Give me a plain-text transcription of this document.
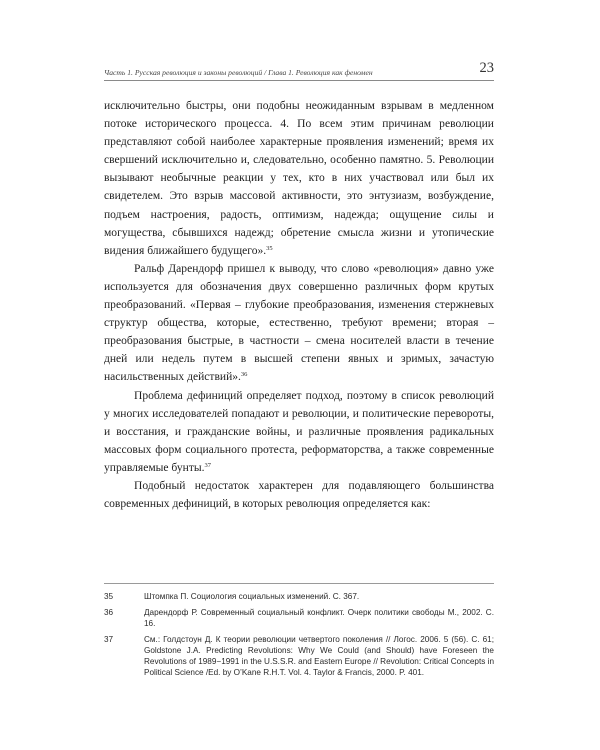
Часть 1. Русская революция и законы революций / Глава 1. Революция как феномен	23

исключительно быстры, они подобны неожиданным взрывам в медленном потоке исторического процесса. 4. По всем этим причинам революции представляют собой наиболее характерные проявления изменений; время их свершений исключительно и, следовательно, особенно памятно. 5. Революции вызывают необычные реакции у тех, кто в них участвовал или был их свидетелем. Это взрыв массовой активности, это энтузиазм, возбуждение, подъем настроения, радость, оптимизм, надежда; ощущение силы и могущества, сбывшихся надежд; обретение смысла жизни и утопические видения ближайшего будущего».$^{35}$

Ральф Дарендорф пришел к выводу, что слово «революция» давно уже используется для обозначения двух совершенно различных форм крутых преобразований. «Первая – глубокие преобразования, изменения стержневых структур общества, которые, естественно, требуют времени; вторая – преобразования быстрые, в частности – смена носителей власти в течение дней или недель путем в высшей степени явных и зримых, зачастую насильственных действий».$^{36}$

Проблема дефиниций определяет подход, поэтому в список революций у многих исследователей попадают и революции, и политические перевороты, и восстания, и гражданские войны, и различные проявления радикальных массовых форм социального протеста, реформаторства, а также современные управляемые бунты.$^{37}$

Подобный недостаток характерен для подавляющего большинства современных дефиниций, в которых революция определяется как:

35	Штомпка П. Социология социальных изменений. С. 367.
36	Дарендорф Р. Современный социальный конфликт. Очерк политики свободы М., 2002. С. 16.
37	См.: Голдстоун Д. К теории революции четвертого поколения // Логос. 2006. 5 (56). С. 61; Goldstone J.A. Predicting Revolutions: Why We Could (and Should) have Foreseen the Revolutions of 1989−1991 in the U.S.S.R. and Eastern Europe // Revolution: Critical Concepts in Political Science /Ed. by O’Kane R.H.T. Vol. 4. Taylor & Francis, 2000. P. 401.
